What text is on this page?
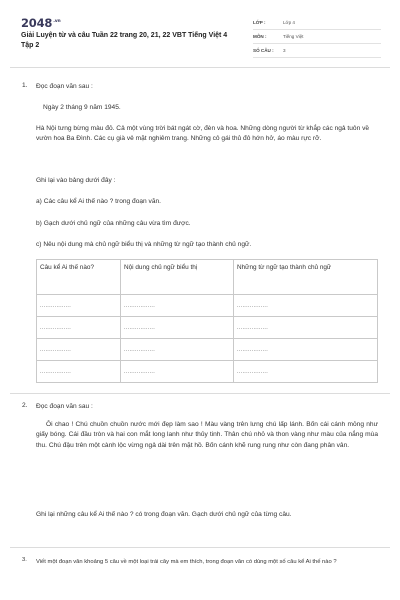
$2048^{.vn}$
Giải Luyện từ và câu Tuần 22 trang 20, 21, 22 VBT Tiếng Việt 4 Tập 2
LỚP :	Lớp 4
MÔN :	Tiếng Việt
SỐ CÂU :	3
1. Đọc đoạn văn sau :
Ngày 2 tháng 9 năm 1945.
Hà Nội tưng bừng màu đỏ. Cả một vùng trời bát ngát cờ, đèn và hoa. Những dòng người từ khắp các ngả tuôn về vườn hoa Ba Đình. Các cụ già vẻ mặt nghiêm trang. Những cô gái thủ đô hớn hở, áo màu rực rỡ.
Ghi lại vào bảng dưới đây :
a) Các câu kể Ai thế nào ? trong đoạn văn.
b) Gạch dưới chủ ngữ của những câu vừa tìm được.
c) Nêu nội dung mà chủ ngữ biểu thị và những từ ngữ tạo thành chủ ngữ.
Câu kể Ai thế nào?	Nội dung chủ ngữ biểu thị	Những từ ngữ tạo thành chủ ngữ
.................	.................	.................
.................	.................	.................
.................	.................	.................
.................	.................	.................
2. Đọc đoạn văn sau :
Ôi chao ! Chú chuồn chuồn nước mới đẹp làm sao ! Màu vàng trên lưng chú lấp lánh. Bốn cái cánh mỏng như giấy bóng. Cái đầu tròn và hai con mắt long lanh như thủy tinh. Thân chú nhỏ và thon vàng như màu của nắng mùa thu. Chú đậu trên một cành lộc vừng ngả dài trên mặt hồ. Bốn cánh khẽ rung rung như còn đang phân vân.
Ghi lại những câu kể Ai thế nào ? có trong đoạn văn. Gạch dưới chủ ngữ của từng câu.
3. Viết một đoạn văn khoảng 5 câu về một loại trái cây mà em thích, trong đoạn văn có dùng một số câu kể Ai thế nào ?
